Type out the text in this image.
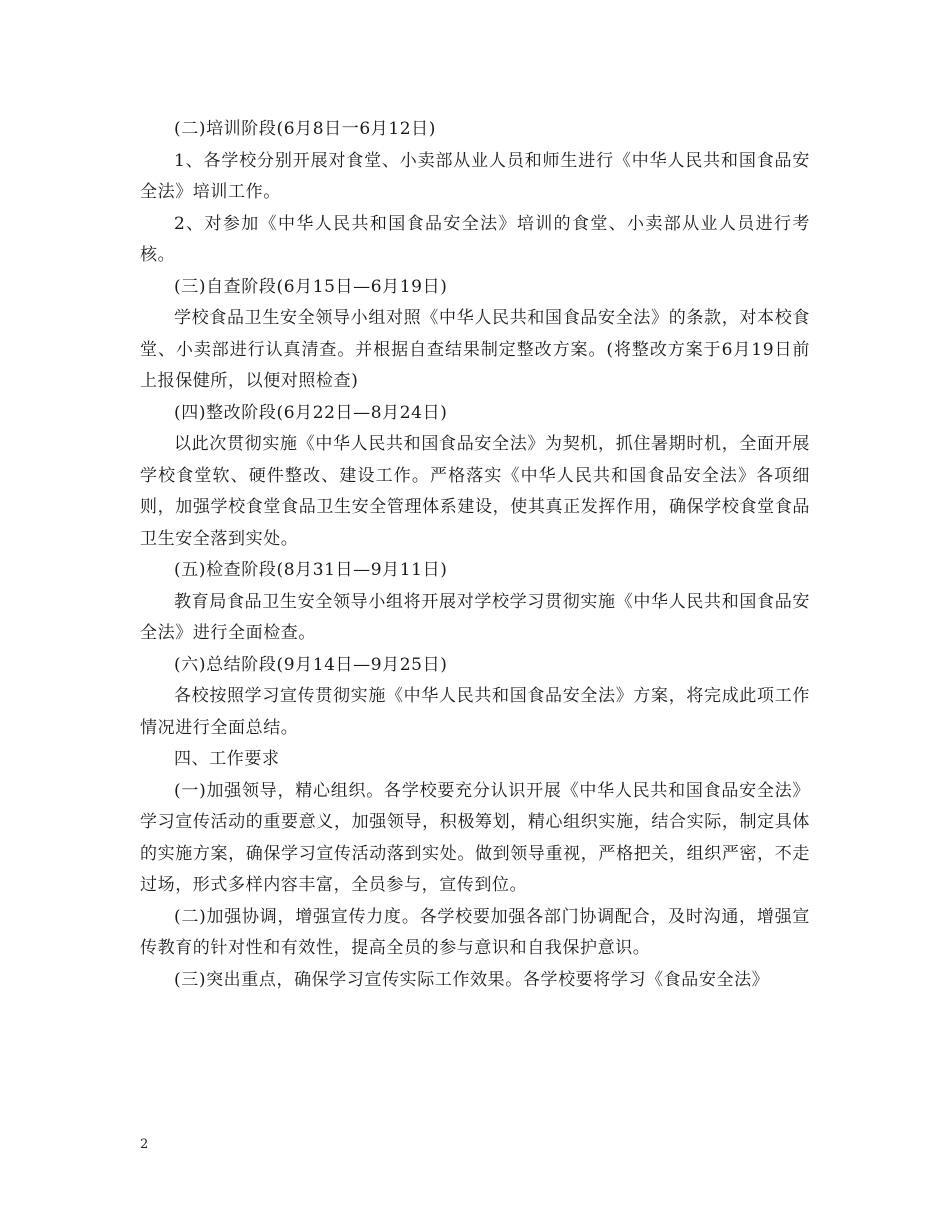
(二)培训阶段(6月8日一6月12日)

1、各学校分别开展对食堂、小卖部从业人员和师生进行《中华人民共和国食品安全法》培训工作。

2、对参加《中华人民共和国食品安全法》培训的食堂、小卖部从业人员进行考核。

(三)自查阶段(6月15日—6月19日)

学校食品卫生安全领导小组对照《中华人民共和国食品安全法》的条款，对本校食堂、小卖部进行认真清查。并根据自查结果制定整改方案。(将整改方案于6月19日前上报保健所，以便对照检查)

(四)整改阶段(6月22日—8月24日)

以此次贯彻实施《中华人民共和国食品安全法》为契机，抓住暑期时机，全面开展学校食堂软、硬件整改、建设工作。严格落实《中华人民共和国食品安全法》各项细则，加强学校食堂食品卫生安全管理体系建设，使其真正发挥作用，确保学校食堂食品卫生安全落到实处。

(五)检查阶段(8月31日—9月11日)

教育局食品卫生安全领导小组将开展对学校学习贯彻实施《中华人民共和国食品安全法》进行全面检查。

(六)总结阶段(9月14日—9月25日)

各校按照学习宣传贯彻实施《中华人民共和国食品安全法》方案，将完成此项工作情况进行全面总结。

四、工作要求

(一)加强领导，精心组织。各学校要充分认识开展《中华人民共和国食品安全法》学习宣传活动的重要意义，加强领导，积极筹划，精心组织实施，结合实际，制定具体的实施方案，确保学习宣传活动落到实处。做到领导重视，严格把关，组织严密，不走过场，形式多样内容丰富，全员参与，宣传到位。

(二)加强协调，增强宣传力度。各学校要加强各部门协调配合，及时沟通，增强宣传教育的针对性和有效性，提高全员的参与意识和自我保护意识。

(三)突出重点，确保学习宣传实际工作效果。各学校要将学习《食品安全法》

2
